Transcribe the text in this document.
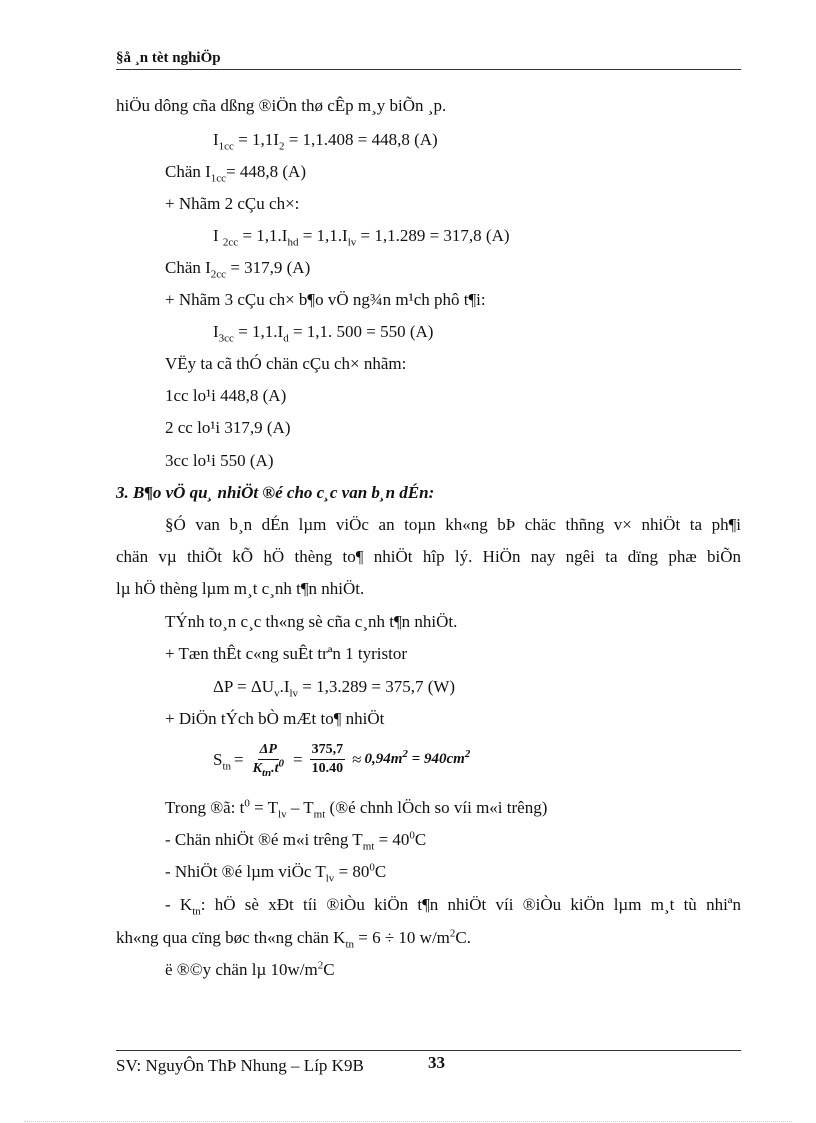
§å ¸n tèt nghiÖp
hiÖu dông cña dßng ®iÖn thø cÊp m¸y biÕn ¸p.
$I_{1cc} = 1,1I_2 = 1,1.408 = 448,8$ (A)
Chän $I_{1cc}= 448,8$ (A)
+ Nhãm 2 cÇu ch×:
I $_{2cc} = 1,1.I_{hd} = 1,1.I_{lv} = 1,1.289 = 317,8$ (A)
Chän $I_{2cc} = 317,9$ (A)
+ Nhãm 3 cÇu ch× b¶o vÖ ng¾n m¹ch phô t¶i:
$I_{3cc} = 1,1.I_d = 1,1$. 500 = 550 (A)
VËy ta cã thÓ chän cÇu ch× nhãm:
1cc lo¹i 448,8 (A)
2 cc lo¹i 317,9 (A)
3cc lo¹i 550 (A)
3. B¶o vÖ qu¸ nhiÖt ®é cho c¸c van b¸n dÉn:
§Ó van b¸n dÉn lµm viÖc an toµn kh«ng bÞ chäc thñng v× nhiÖt ta ph¶i
chän vµ thiÕt kÕ hÖ thèng to¶ nhiÖt hîp lý. HiÖn nay ngêi ta dïng phæ biÕn
lµ hÖ thèng lµm m¸t c¸nh t¶n nhiÖt.
TÝnh to¸n c¸c th«ng sè cña c¸nh t¶n nhiÖt.
+ Tæn thÊt c«ng suÊt trªn 1 tyristor
$\Delta P = \Delta U_v.I_{lv} = 1,3.289 = 375,7$ (W)
+ DiÖn tÝch bÒ mÆt to¶ nhiÖt
$S_{tn} = \frac{\Delta P}{K_{tn}.t^0} = \frac{375,7}{10.40} \approx 0,94m^2 = 940cm^2$
Trong ®ã: $t^0 = T_{lv} - T_{mt}$ (®é chnh lÖch so víi m«i trêng)
- Chän nhiÖt ®é m«i trêng $T_{mt} = 40^0C$
- NhiÖt ®é lµm viÖc $T_{lv} = 80^0C$
- $K_{tn}$: hÖ sè xÐt tíi ®iÒu kiÖn t¶n nhiÖt víi ®iÒu kiÖn lµm m¸t tù nhiªn
kh«ng qua cïng bøc th«ng chän $K_{tn} = 6 \div 10$ $w/m^2C$.
ë ®©y chän lµ $10w/m^2C$
SV: NguyÔn ThÞ Nhung – Líp K9B	33
